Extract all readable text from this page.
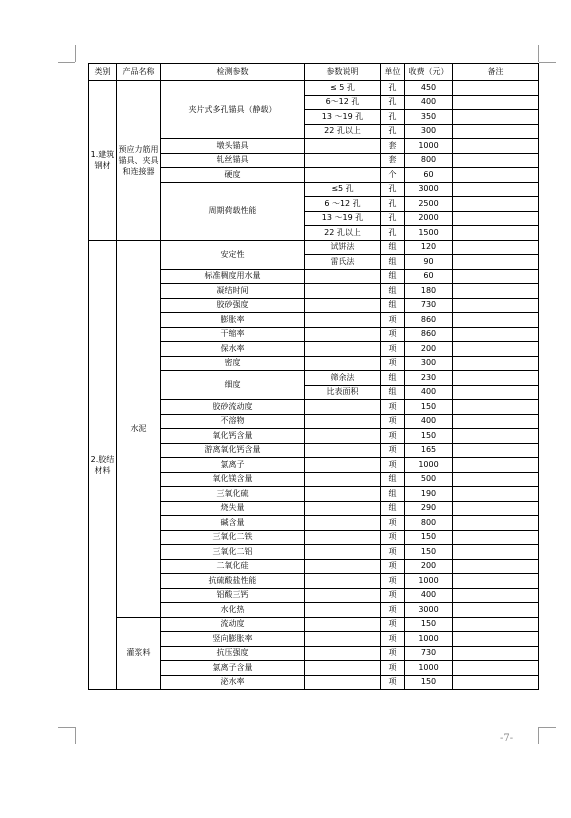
类别	产品名称	检测参数	参数说明	单位	收费（元）	备注
1.建筑钢材	预应力筋用锚具、夹具和连接器	夹片式多孔锚具（静载）	≤ 5 孔	孔	450	
			6～12 孔	孔	400	
			13 ～19 孔	孔	350	
			22 孔以上	孔	300	
		墩头锚具		套	1000	
		轧丝锚具		套	800	
		硬度		个	60	
		周期荷载性能	≤5 孔	孔	3000	
			6 ～12 孔	孔	2500	
			13 ～19 孔	孔	2000	
			22 孔以上	孔	1500	
2.胶结材料	水泥	安定性	试饼法	组	120	
			雷氏法	组	90	
		标准稠度用水量		组	60	
		凝结时间		组	180	
		胶砂强度		组	730	
		膨胀率		项	860	
		干缩率		项	860	
		保水率		项	200	
		密度		项	300	
		细度	筛余法	组	230	
			比表面积	组	400	
		胶砂流动度		项	150	
		不溶物		项	400	
		氧化钙含量		项	150	
		游离氧化钙含量		项	165	
		氯离子		项	1000	
		氧化镁含量		组	500	
		三氧化硫		组	190	
		烧失量		组	290	
		碱含量		项	800	
		三氧化二铁		项	150	
		三氧化二铝		项	150	
		二氧化硅		项	200	
		抗硫酸盐性能		项	1000	
		铝酸三钙		项	400	
		水化热		项	3000	
	灌浆料	流动度		项	150	
		竖向膨胀率		项	1000	
		抗压强度		项	730	
		氯离子含量		项	1000	
		泌水率		项	150	
-7-
